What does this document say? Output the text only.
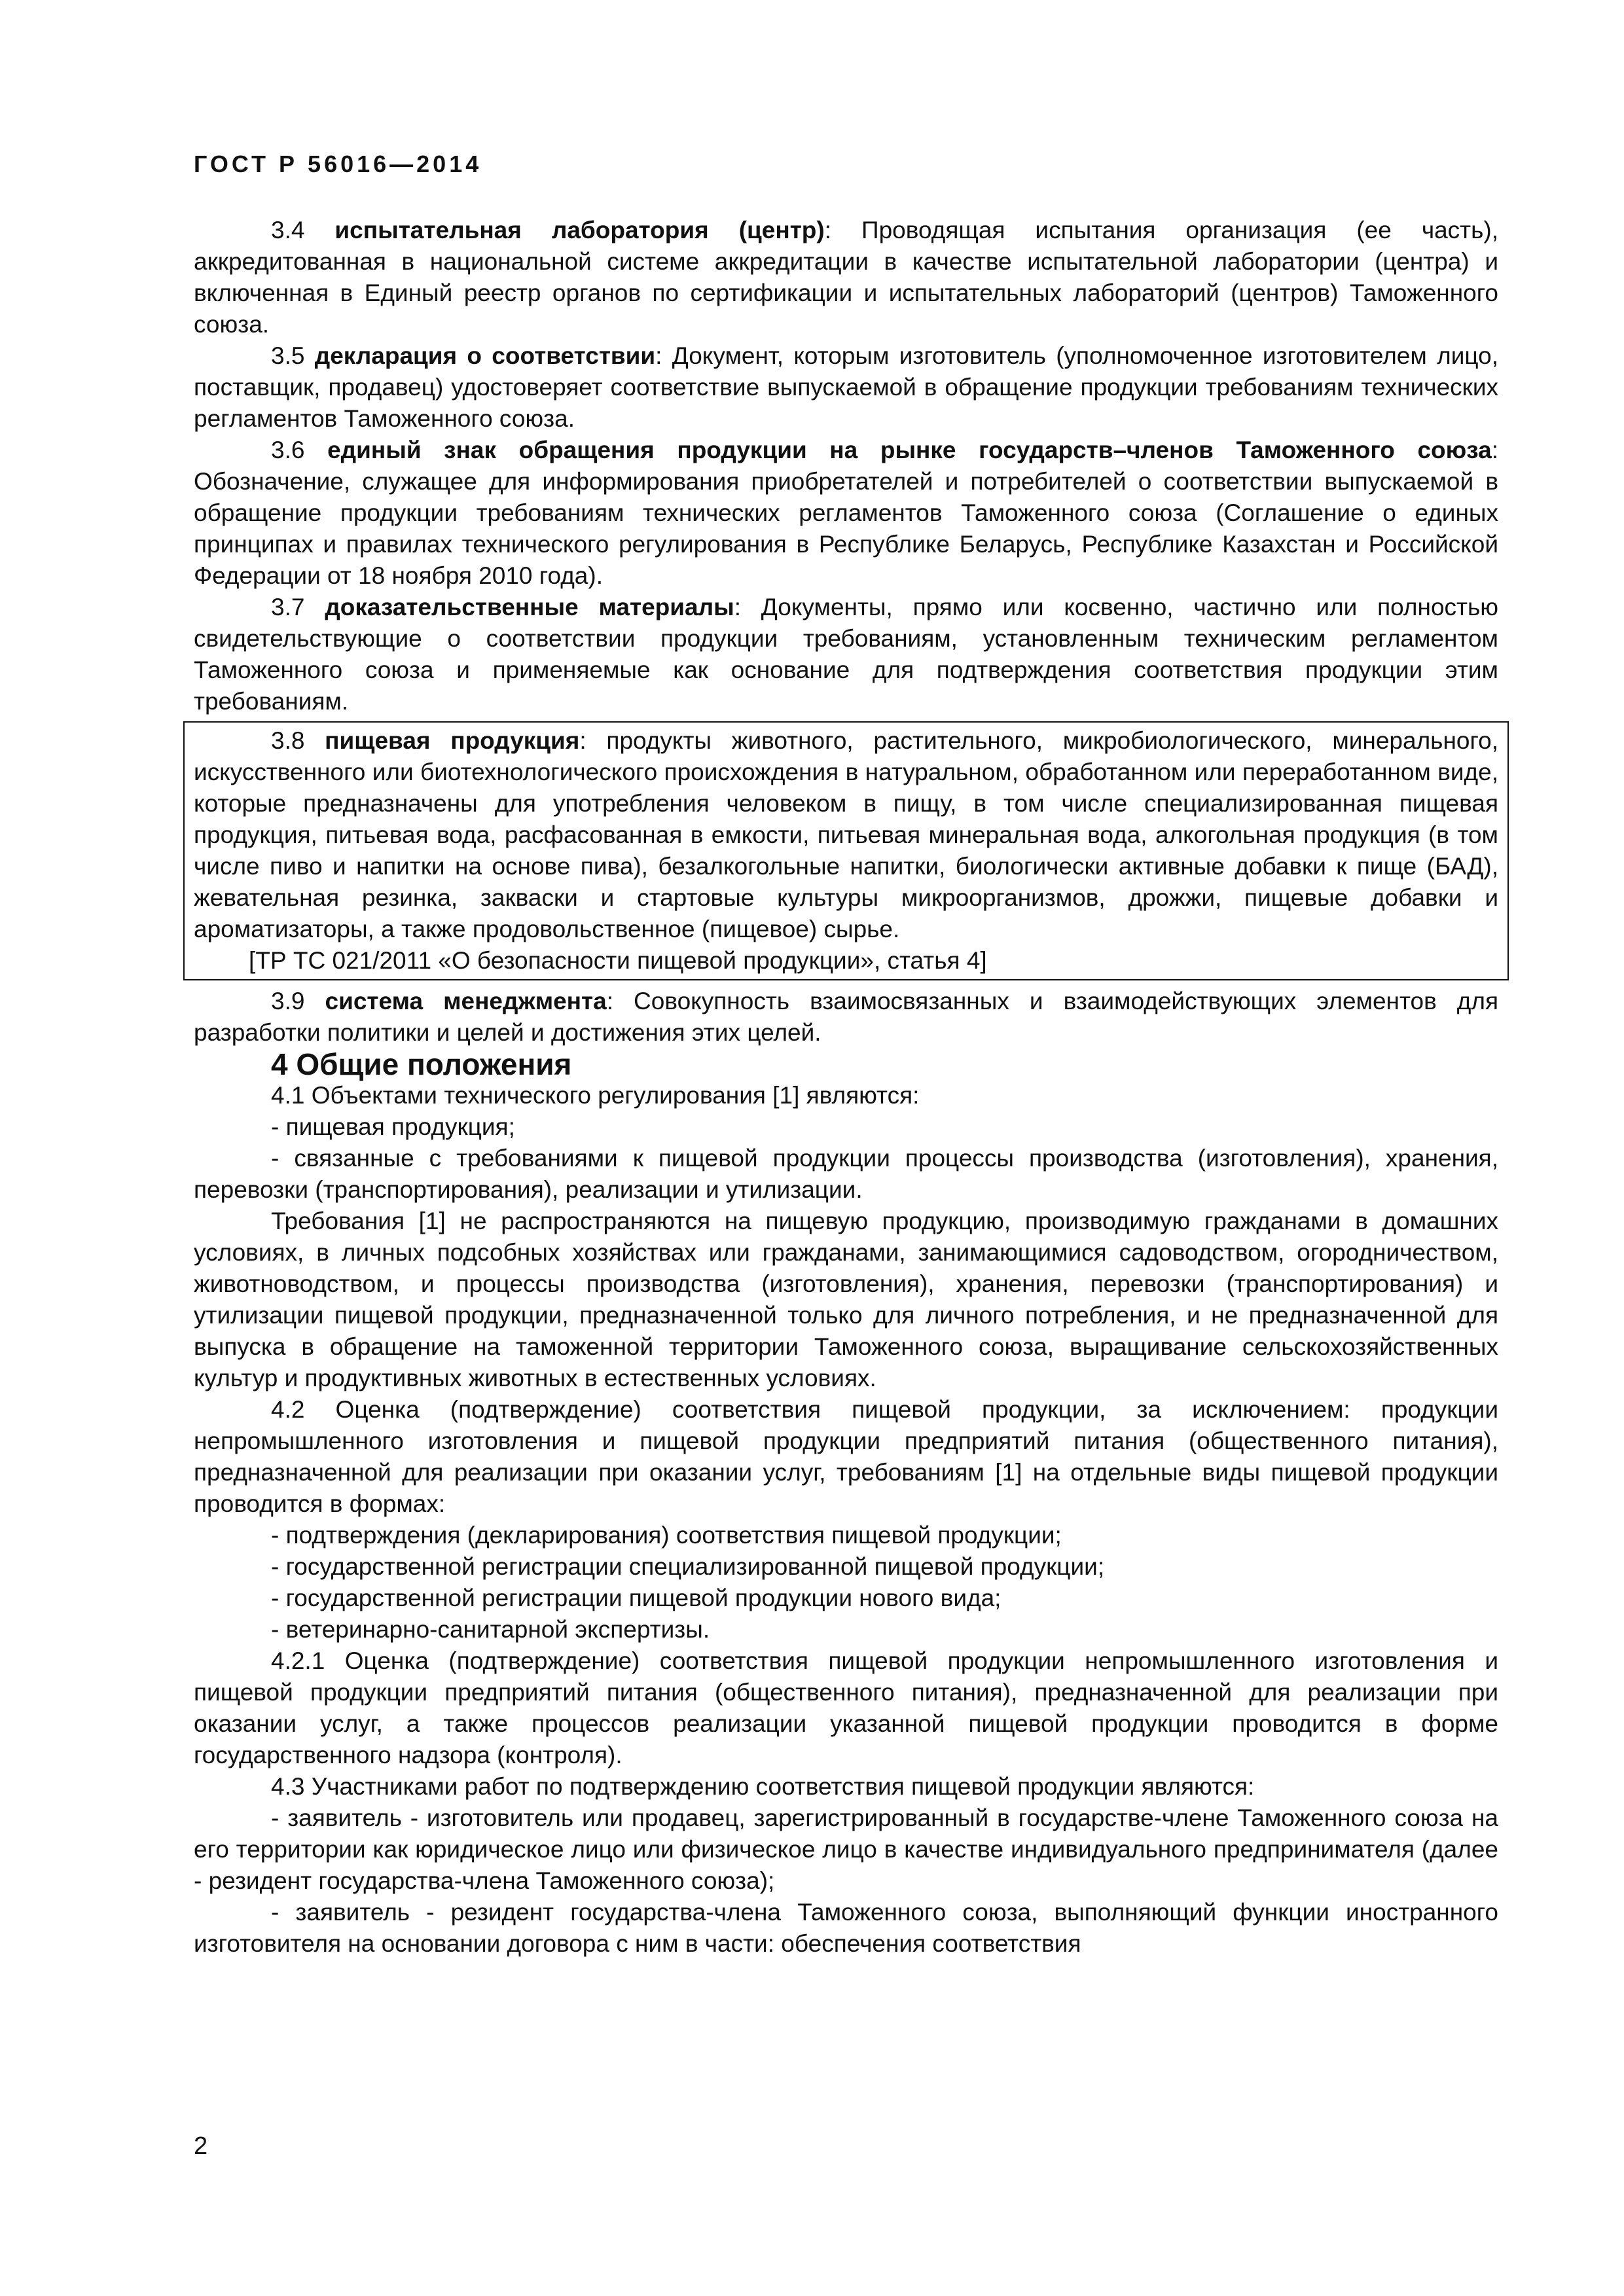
ГОСТ Р 56016—2014

3.4 испытательная лаборатория (центр): Проводящая испытания организация (ее часть), аккредитованная в национальной системе аккредитации в качестве испытательной лаборатории (центра) и включенная в Единый реестр органов по сертификации и испытательных лабораторий (центров) Таможенного союза.

3.5 декларация о соответствии: Документ, которым изготовитель (уполномоченное изготовителем лицо, поставщик, продавец) удостоверяет соответствие выпускаемой в обращение продукции требованиям технических регламентов Таможенного союза.

3.6 единый знак обращения продукции на рынке государств–членов Таможенного союза: Обозначение, служащее для информирования приобретателей и потребителей о соответствии выпускаемой в обращение продукции требованиям технических регламентов Таможенного союза (Соглашение о единых принципах и правилах технического регулирования в Республике Беларусь, Республике Казахстан и Российской Федерации от 18 ноября 2010 года).

3.7 доказательственные материалы: Документы, прямо или косвенно, частично или полностью свидетельствующие о соответствии продукции требованиям, установленным техническим регламентом Таможенного союза и применяемые как основание для подтверждения соответствия продукции этим требованиям.

3.8 пищевая продукция: продукты животного, растительного, микробиологического, минерального, искусственного или биотехнологического происхождения в натуральном, обработанном или переработанном виде, которые предназначены для употребления человеком в пищу, в том числе специализированная пищевая продукция, питьевая вода, расфасованная в емкости, питьевая минеральная вода, алкогольная продукция (в том числе пиво и напитки на основе пива), безалкогольные напитки, биологически активные добавки к пище (БАД), жевательная резинка, закваски и стартовые культуры микроорганизмов, дрожжи, пищевые добавки и ароматизаторы, а также продовольственное (пищевое) сырье.

[ТР ТС 021/2011 «О безопасности пищевой продукции», статья 4]

3.9 система менеджмента: Совокупность взаимосвязанных и взаимодействующих элементов для разработки политики и целей и достижения этих целей.

4 Общие положения

4.1 Объектами технического регулирования [1] являются:

- пищевая продукция;

- связанные с требованиями к пищевой продукции процессы производства (изготовления), хранения, перевозки (транспортирования), реализации и утилизации.

Требования [1] не распространяются на пищевую продукцию, производимую гражданами в домашних условиях, в личных подсобных хозяйствах или гражданами, занимающимися садоводством, огородничеством, животноводством, и процессы производства (изготовления), хранения, перевозки (транспортирования) и утилизации пищевой продукции, предназначенной только для личного потребления, и не предназначенной для выпуска в обращение на таможенной территории Таможенного союза, выращивание сельскохозяйственных культур и продуктивных животных в естественных условиях.

4.2 Оценка (подтверждение) соответствия пищевой продукции, за исключением: продукции непромышленного изготовления и пищевой продукции предприятий питания (общественного питания), предназначенной для реализации при оказании услуг, требованиям [1] на отдельные виды пищевой продукции проводится в формах:

- подтверждения (декларирования) соответствия пищевой продукции;

- государственной регистрации специализированной пищевой продукции;

- государственной регистрации пищевой продукции нового вида;

- ветеринарно-санитарной экспертизы.

4.2.1 Оценка (подтверждение) соответствия пищевой продукции непромышленного изготовления и пищевой продукции предприятий питания (общественного питания), предназначенной для реализации при оказании услуг, а также процессов реализации указанной пищевой продукции проводится в форме государственного надзора (контроля).

4.3 Участниками работ по подтверждению соответствия пищевой продукции являются:

- заявитель - изготовитель или продавец, зарегистрированный в государстве-члене Таможенного союза на его территории как юридическое лицо или физическое лицо в качестве индивидуального предпринимателя (далее - резидент государства-члена Таможенного союза);

- заявитель - резидент государства-члена Таможенного союза, выполняющий функции иностранного изготовителя на основании договора с ним в части: обеспечения соответствия

2
